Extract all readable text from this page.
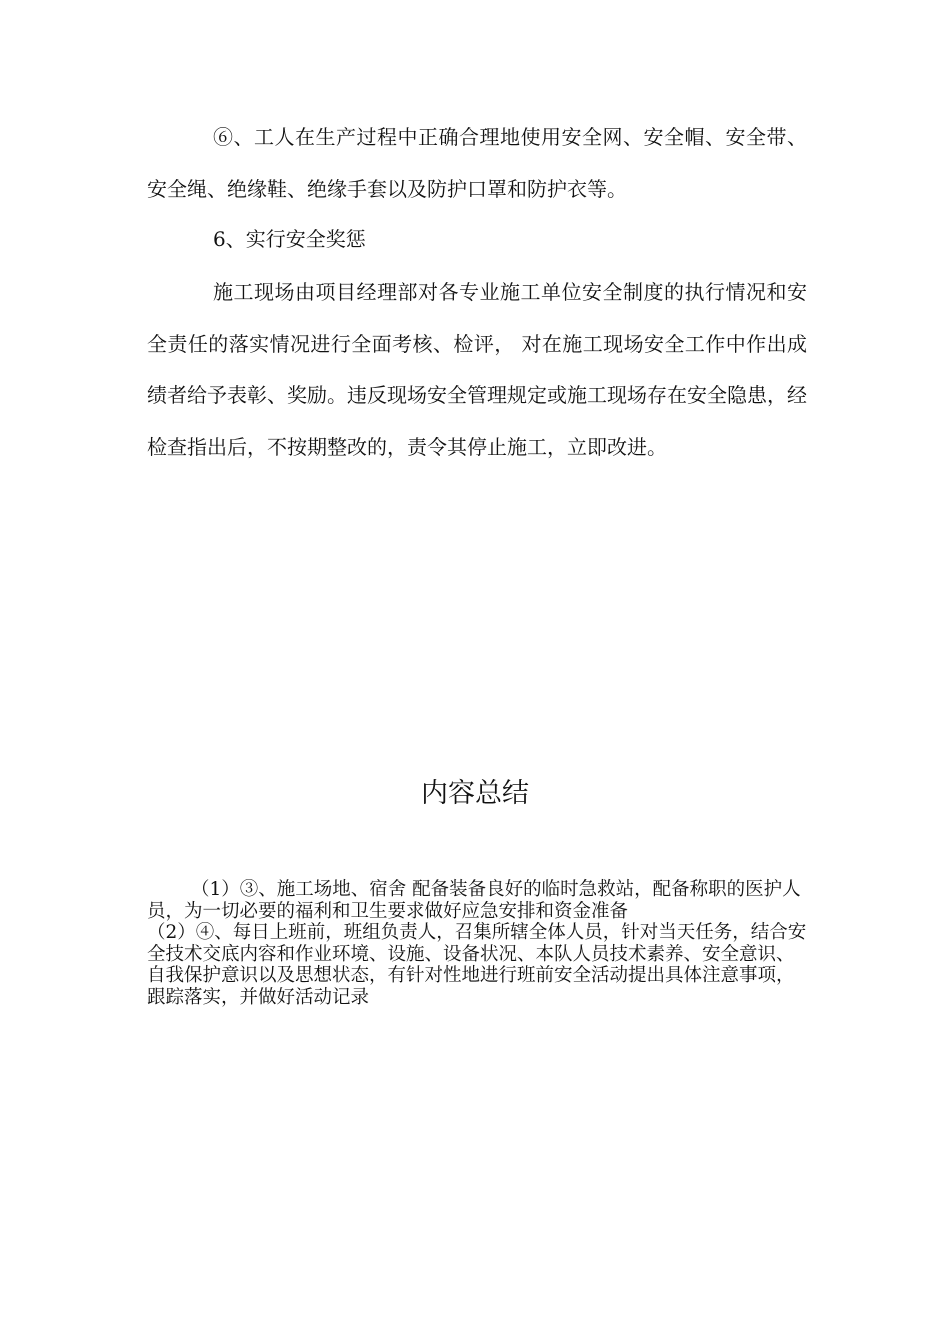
⑥、工人在生产过程中正确合理地使用安全网、安全帽、安全带、安全绳、绝缘鞋、绝缘手套以及防护口罩和防护衣等。

6、实行安全奖惩

施工现场由项目经理部对各专业施工单位安全制度的执行情况和安全责任的落实情况进行全面考核、检评， 对在施工现场安全工作中作出成绩者给予表彰、奖励。违反现场安全管理规定或施工现场存在安全隐患，经检查指出后，不按期整改的，责令其停止施工，立即改进。

内容总结

（1）③、施工场地、宿舍 配备装备良好的临时急救站，配备称职的医护人员，为一切必要的福利和卫生要求做好应急安排和资金准备

（2）④、每日上班前，班组负责人，召集所辖全体人员，针对当天任务，结合安全技术交底内容和作业环境、设施、设备状况、本队人员技术素养、安全意识、自我保护意识以及思想状态，有针对性地进行班前安全活动提出具体注意事项，跟踪落实，并做好活动记录
